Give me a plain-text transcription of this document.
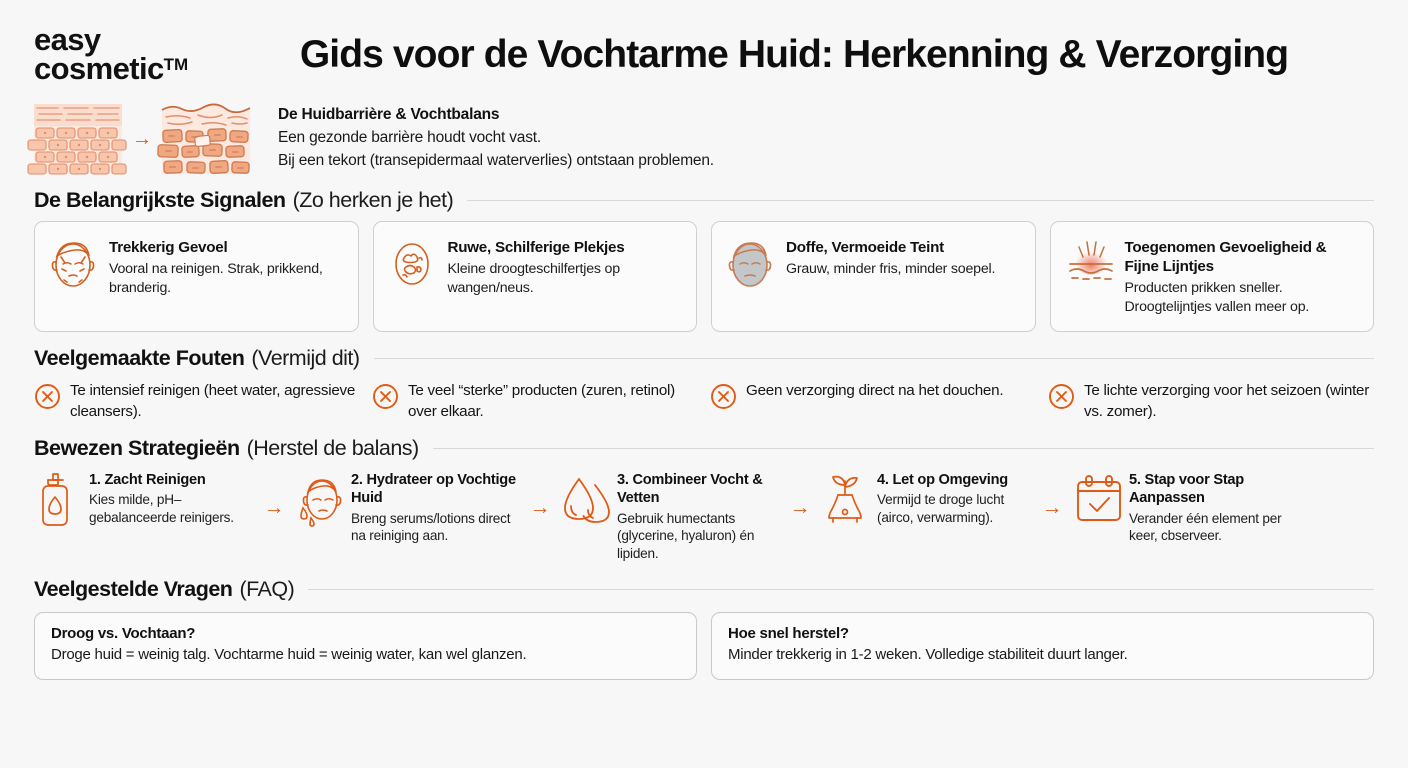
easy
cosmetic™	Gids voor de Vochtarme Huid: Herkenning & Verzorging
→
De Huidbarrière & Vochtbalans
Een gezonde barrière houdt vocht vast.
Bij een tekort (transepidermaal waterverlies) ontstaan problemen.
De Belangrijkste Signalen (Zo herken je het)
Trekkerig Gevoel
Vooral na reinigen. Strak, prikkend, branderig.
Ruwe, Schilferige Plekjes
Kleine droogteschilfertjes op wangen/neus.
Doffe, Vermoeide Teint
Grauw, minder fris, minder soepel.
Toegenomen Gevoeligheid & Fijne Lijntjes
Producten prikken sneller. Droogtelijntjes vallen meer op.
Veelgemaakte Fouten (Vermijd dit)
Te intensief reinigen (heet water, agressieve cleansers).
Te veel “sterke” producten (zuren, retinol) over elkaar.
Geen verzorging direct na het douchen.	Te lichte verzorging voor het seizoen (winter vs. zomer).
Bewezen Strategieën (Herstel de balans)
1. Zacht Reinigen
Kies milde, pH–gebalanceerde reinigers.	→
2. Hydrateer op Vochtige Huid
Breng serums/lotions direct na reiniging aan.
→
3. Combineer Vocht & Vetten
Gebruik humectants (glycerine, hyaluron) én lipiden.
→
4. Let op Omgeving
Vermijd te droge lucht (airco, verwarming).	→
5. Stap voor Stap Aanpassen
Verander één element per keer, cbserveer.
Veelgestelde Vragen (FAQ)
Droog vs. Vochtaan?
Droge huid = weinig talg. Vochtarme huid = weinig water, kan wel glanzen.
Hoe snel herstel?
Minder trekkerig in 1-2 weken. Volledige stabiliteit duurt langer.
